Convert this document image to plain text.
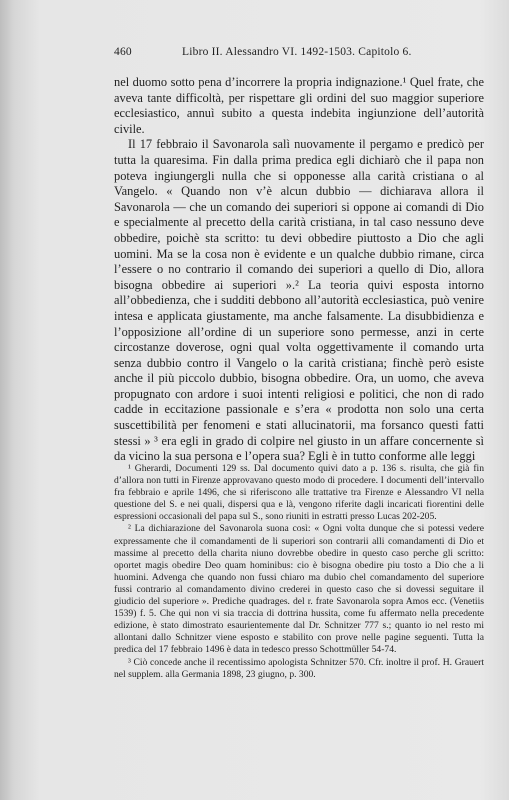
460	Libro II. Alessandro VI. 1492-1503. Capitolo 6.

nel duomo sotto pena d’incorrere la propria indignazione.¹ Quel frate, che aveva tante difficoltà, per rispettare gli ordini del suo maggior superiore ecclesiastico, annuì subito a questa indebita ingiunzione dell’autorità civile.

Il 17 febbraio il Savonarola salì nuovamente il pergamo e predicò per tutta la quaresima. Fin dalla prima predica egli dichiarò che il papa non poteva ingiungergli nulla che si opponesse alla carità cristiana o al Vangelo. « Quando non v’è alcun dubbio — dichiarava allora il Savonarola — che un comando dei superiori si oppone ai comandi di Dio e specialmente al precetto della carità cristiana, in tal caso nessuno deve obbedire, poichè sta scritto: tu devi obbedire piuttosto a Dio che agli uomini. Ma se la cosa non è evidente e un qualche dubbio rimane, circa l’essere o no contrario il comando dei superiori a quello di Dio, allora bisogna obbedire ai superiori ».² La teoria quivi esposta intorno all’obbedienza, che i sudditi debbono all’autorità ecclesiastica, può venire intesa e applicata giustamente, ma anche falsamente. La disubbidienza e l’opposizione all’ordine di un superiore sono permesse, anzi in certe circostanze doverose, ogni qual volta oggettivamente il comando urta senza dubbio contro il Vangelo o la carità cristiana; finchè però esiste anche il più piccolo dubbio, bisogna obbedire. Ora, un uomo, che aveva propugnato con ardore i suoi intenti religiosi e politici, che non di rado cadde in eccitazione passionale e s’era « prodotta non solo una certa suscettibilità per fenomeni e stati allucinatorii, ma forsanco questi fatti stessi » ³ era egli in grado di colpire nel giusto in un affare concernente sì da vicino la sua persona e l’opera sua? Egli è in tutto conforme alle leggi

¹ Gherardi, Documenti 129 ss. Dal documento quivi dato a p. 136 s. risulta, che già fin d’allora non tutti in Firenze approvavano questo modo di procedere. I documenti dell’intervallo fra febbraio e aprile 1496, che si riferiscono alle trattative tra Firenze e Alessandro VI nella questione del S. e nei quali, dispersi qua e là, vengono riferite dagli incaricati fiorentini delle espressioni occasionali del papa sul S., sono riuniti in estratti presso Lucas 202-205.

² La dichiarazione del Savonarola suona così: « Ogni volta dunque che si potessi vedere expressamente che il comandamenti de li superiori son contrarii alli comandamenti di Dio et massime al precetto della charita niuno dovrebbe obedire in questo caso perche gli scritto: oportet magis obedire Deo quam hominibus: cio è bisogna obedire piu tosto a Dio che a li huomini. Advenga che quando non fussi chiaro ma dubio chel comandamento del superiore fussi contrario al comandamento divino crederei in questo caso che si dovessi seguitare il giudicio del superiore ». Prediche quadrages. del r. frate Savonarola sopra Amos ecc. (Venetiis 1539) f. 5. Che qui non vi sia traccia di dottrina hussita, come fu affermato nella precedente edizione, è stato dimostrato esaurientemente dal Dr. Schnitzer 777 s.; quanto io nel resto mi allontani dallo Schnitzer viene esposto e stabilito con prove nelle pagine seguenti. Tutta la predica del 17 febbraio 1496 è data in tedesco presso Schottmüller 54-74.

³ Ciò concede anche il recentissimo apologista Schnitzer 570. Cfr. inoltre il prof. H. Grauert nel supplem. alla Germania 1898, 23 giugno, p. 300.
